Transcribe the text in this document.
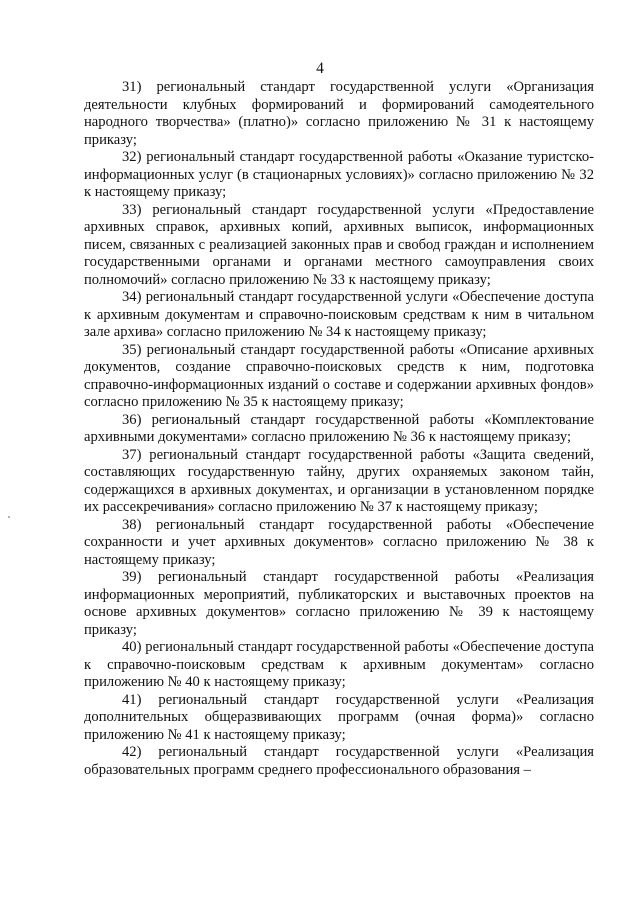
4

31) региональный стандарт государственной услуги «Организация деятельности клубных формирований и формирований самодеятельного народного творчества» (платно)» согласно приложению № 31 к настоящему приказу;

32) региональный стандарт государственной работы «Оказание туристско-информационных услуг (в стационарных условиях)» согласно приложению № 32 к настоящему приказу;

33) региональный стандарт государственной услуги «Предоставление архивных справок, архивных копий, архивных выписок, информационных писем, связанных с реализацией законных прав и свобод граждан и исполнением государственными органами и органами местного самоуправления своих полномочий» согласно приложению № 33 к настоящему приказу;

34) региональный стандарт государственной услуги «Обеспечение доступа к архивным документам и справочно-поисковым средствам к ним в читальном зале архива» согласно приложению № 34 к настоящему приказу;

35) региональный стандарт государственной работы «Описание архивных документов, создание справочно-поисковых средств к ним, подготовка справочно-информационных изданий о составе и содержании архивных фондов» согласно приложению № 35 к настоящему приказу;

36) региональный стандарт государственной работы «Комплектование архивными документами» согласно приложению № 36 к настоящему приказу;

37) региональный стандарт государственной работы «Защита сведений, составляющих государственную тайну, других охраняемых законом тайн, содержащихся в архивных документах, и организации в установленном порядке их рассекречивания» согласно приложению № 37 к настоящему приказу;

38) региональный стандарт государственной работы «Обеспечение сохранности и учет архивных документов» согласно приложению № 38 к настоящему приказу;

39) региональный стандарт государственной работы «Реализация информационных мероприятий, публикаторских и выставочных проектов на основе архивных документов» согласно приложению № 39 к настоящему приказу;

40) региональный стандарт государственной работы «Обеспечение доступа к справочно-поисковым средствам к архивным документам» согласно приложению № 40 к настоящему приказу;

41) региональный стандарт государственной услуги «Реализация дополнительных общеразвивающих программ (очная форма)» согласно приложению № 41 к настоящему приказу;

42) региональный стандарт государственной услуги «Реализация образовательных программ среднего профессионального образования –
